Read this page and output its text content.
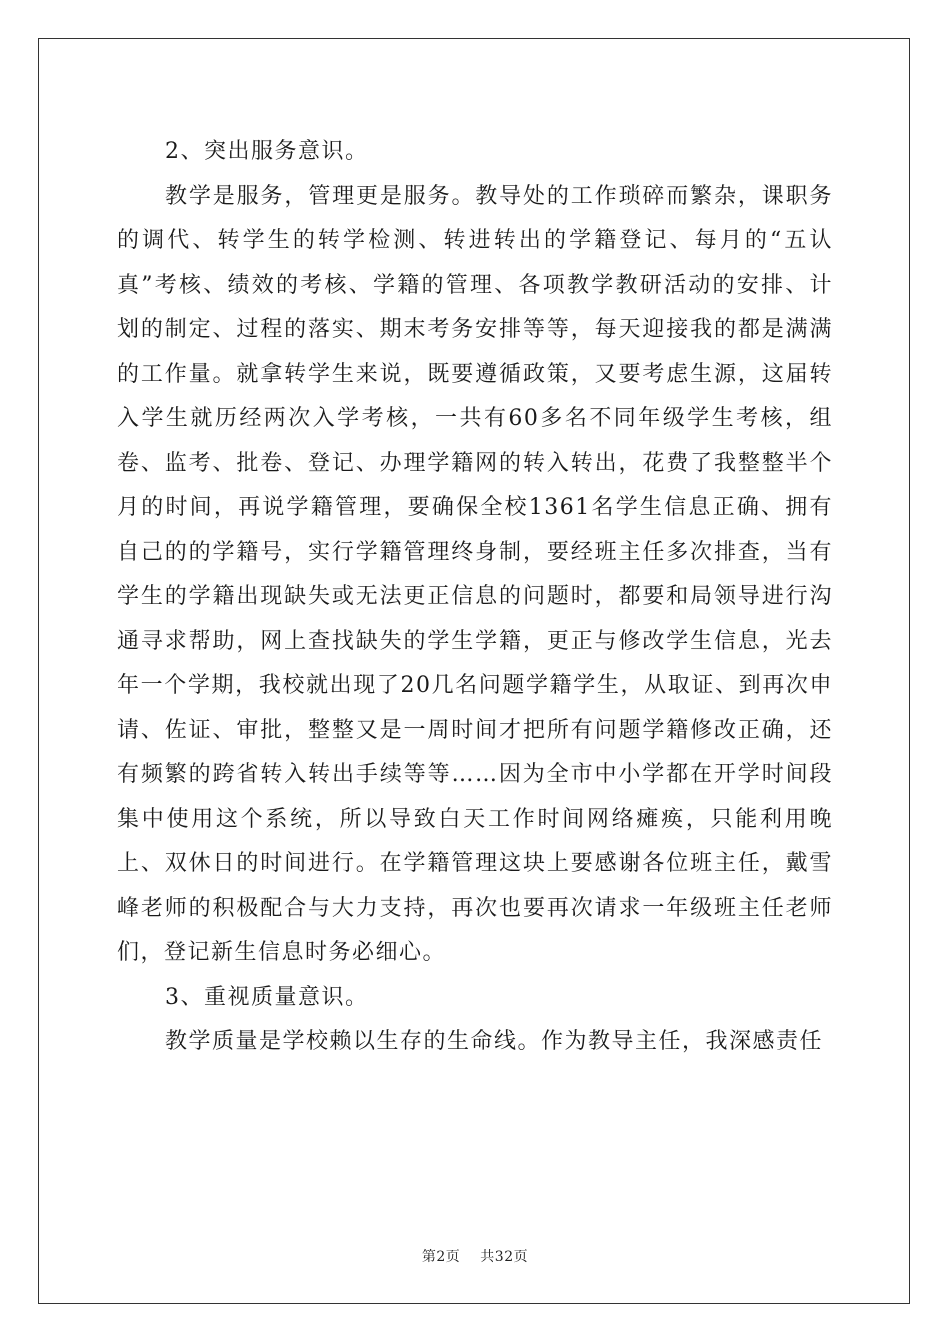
2、突出服务意识。

教学是服务，管理更是服务。教导处的工作琐碎而繁杂，课职务的调代、转学生的转学检测、转进转出的学籍登记、每月的“五认真”考核、绩效的考核、学籍的管理、各项教学教研活动的安排、计划的制定、过程的落实、期末考务安排等等，每天迎接我的都是满满的工作量。就拿转学生来说，既要遵循政策，又要考虑生源，这届转入学生就历经两次入学考核，一共有60多名不同年级学生考核，组卷、监考、批卷、登记、办理学籍网的转入转出，花费了我整整半个月的时间，再说学籍管理，要确保全校1361名学生信息正确、拥有自己的的学籍号，实行学籍管理终身制，要经班主任多次排查，当有学生的学籍出现缺失或无法更正信息的问题时，都要和局领导进行沟通寻求帮助，网上查找缺失的学生学籍，更正与修改学生信息，光去年一个学期，我校就出现了20几名问题学籍学生，从取证、到再次申请、佐证、审批，整整又是一周时间才把所有问题学籍修改正确，还有频繁的跨省转入转出手续等等……因为全市中小学都在开学时间段集中使用这个系统，所以导致白天工作时间网络瘫痪，只能利用晚上、双休日的时间进行。在学籍管理这块上要感谢各位班主任，戴雪峰老师的积极配合与大力支持，再次也要再次请求一年级班主任老师们，登记新生信息时务必细心。

3、重视质量意识。

教学质量是学校赖以生存的生命线。作为教导主任，我深感责任

第2页 共32页
